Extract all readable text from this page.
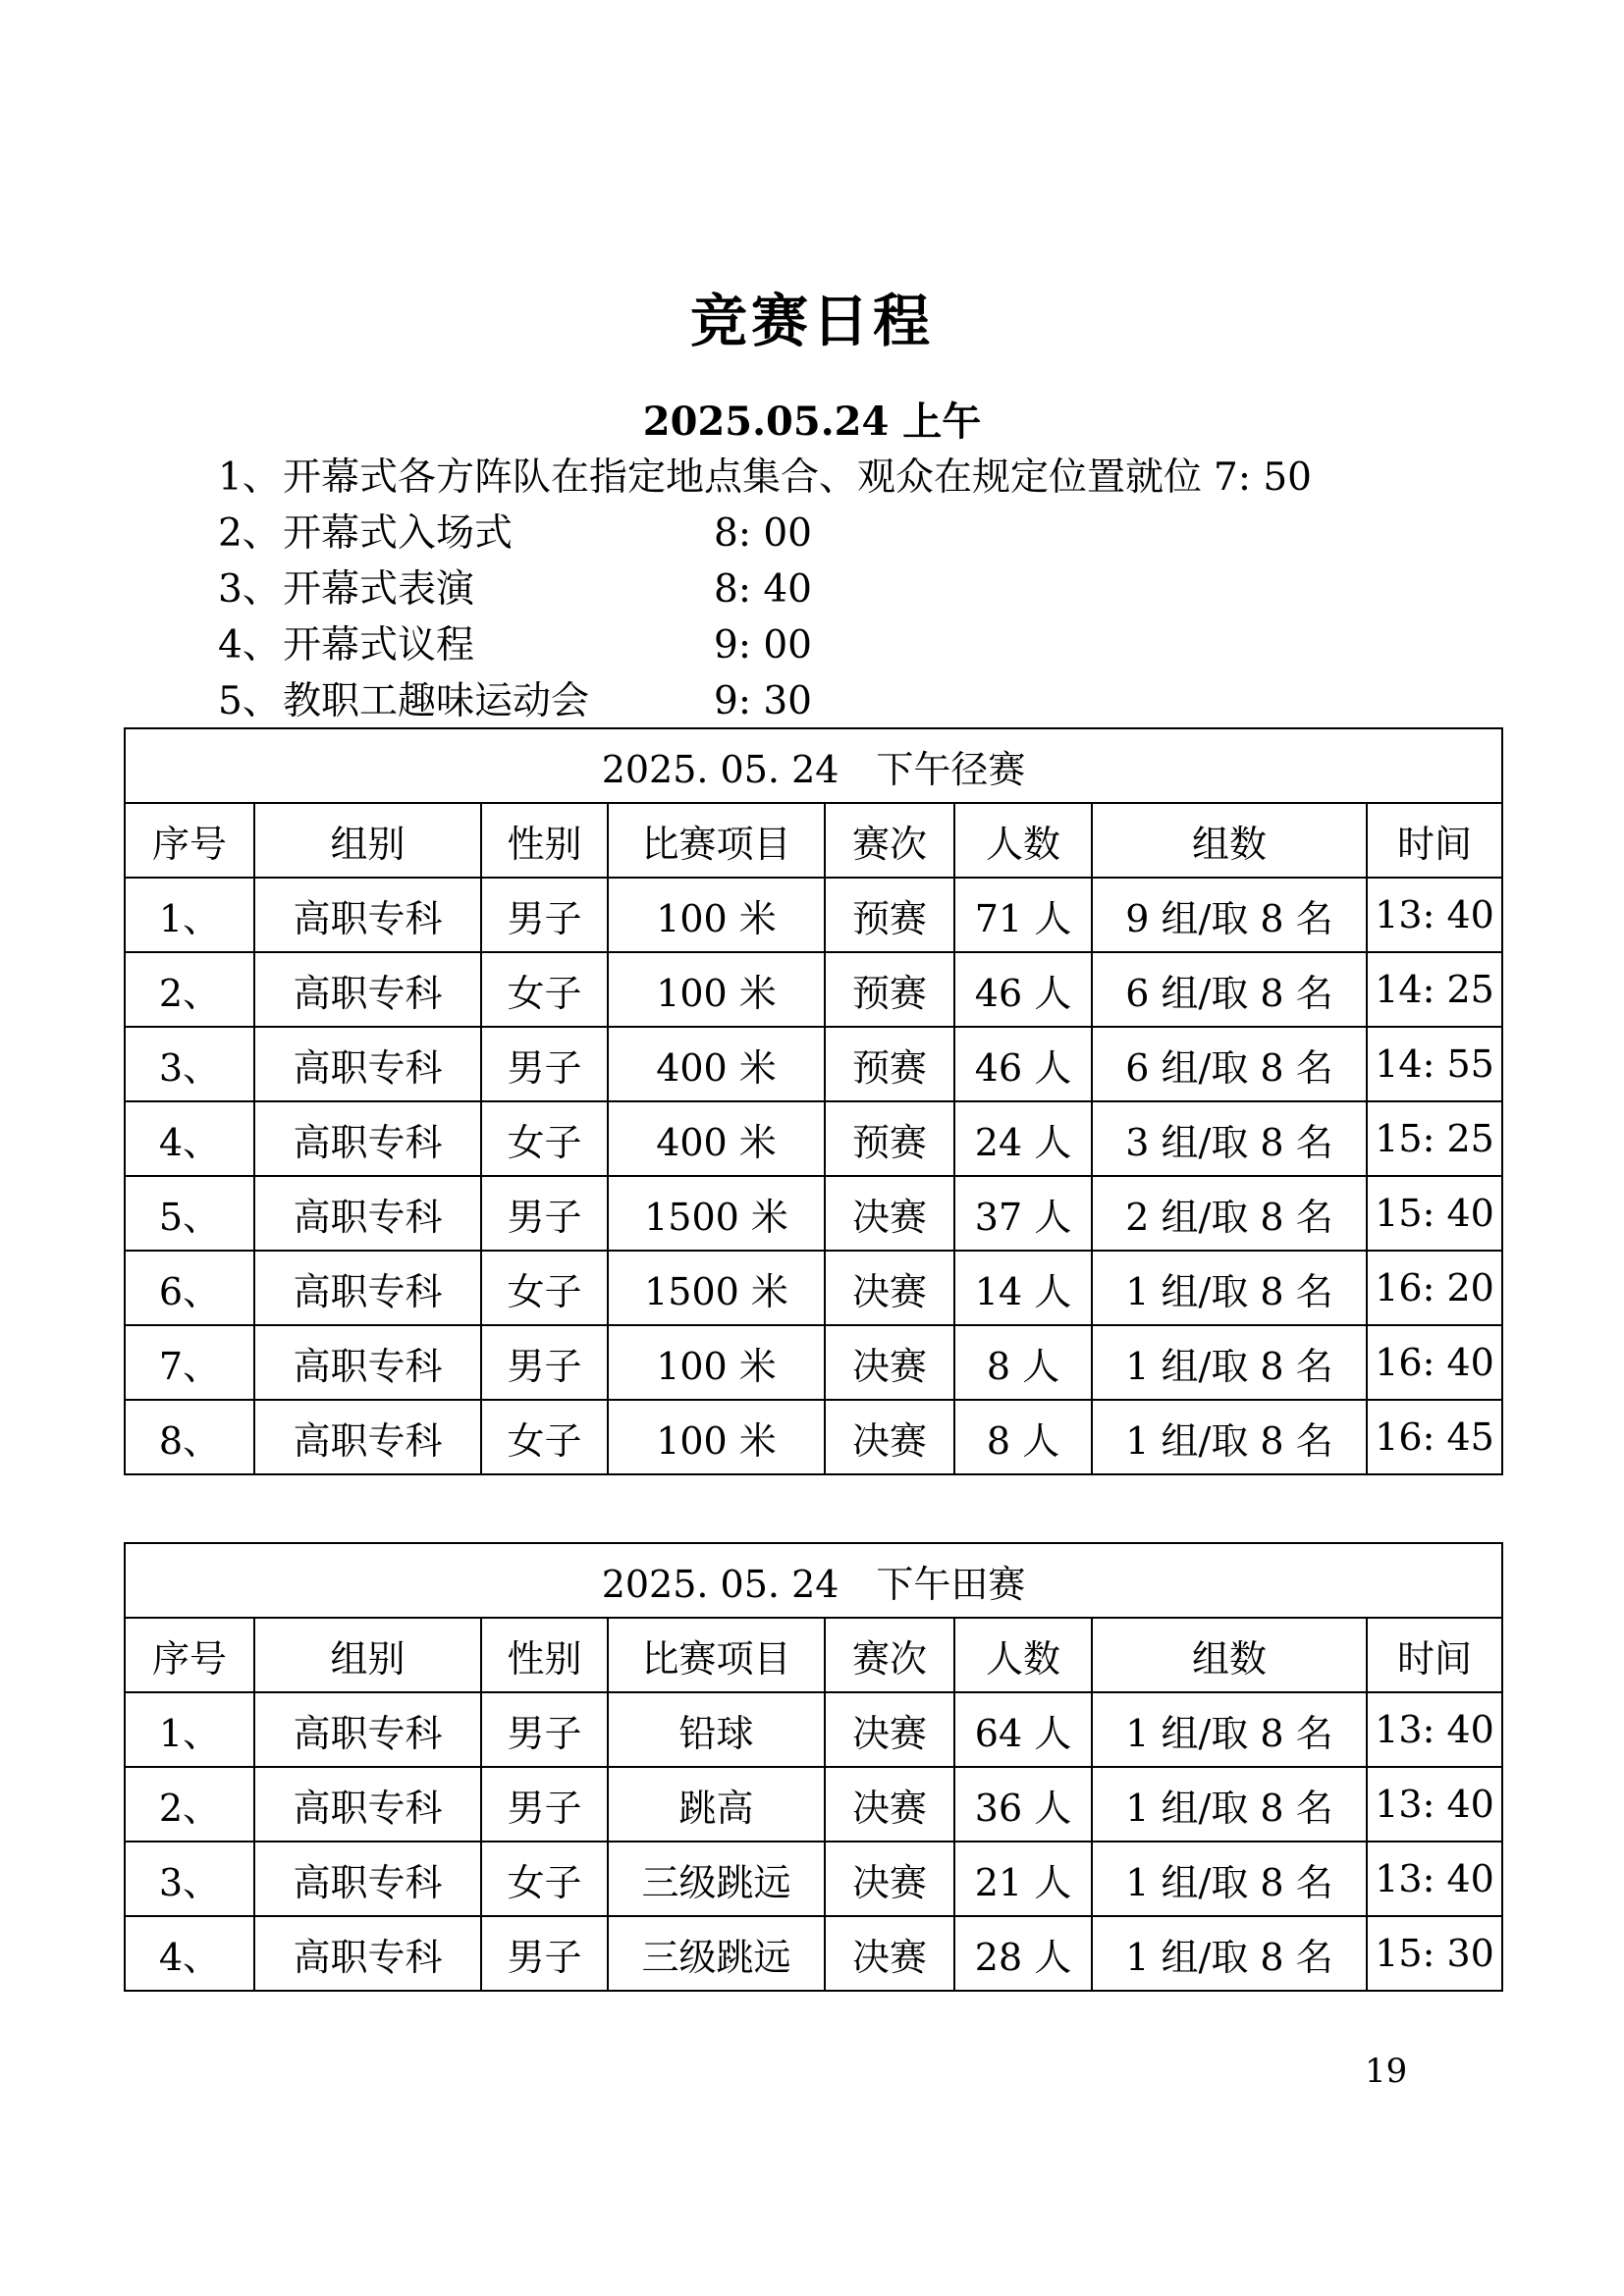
竞赛日程
2025.05.24 上午
1、开幕式各方阵队在指定地点集合、观众在规定位置就位 7: 50
2、开幕式入场式	8: 00
3、开幕式表演	8: 40
4、开幕式议程	9: 00
5、教职工趣味运动会	9: 30
2025. 05. 24　下午径赛							
序号	组别	性别	比赛项目	赛次	人数	组数	时间
1、	高职专科	男子	100 米	预赛	71 人	9 组/取 8 名	13: 40
2、	高职专科	女子	100 米	预赛	46 人	6 组/取 8 名	14: 25
3、	高职专科	男子	400 米	预赛	46 人	6 组/取 8 名	14: 55
4、	高职专科	女子	400 米	预赛	24 人	3 组/取 8 名	15: 25
5、	高职专科	男子	1500 米	决赛	37 人	2 组/取 8 名	15: 40
6、	高职专科	女子	1500 米	决赛	14 人	1 组/取 8 名	16: 20
7、	高职专科	男子	100 米	决赛	8 人	1 组/取 8 名	16: 40
8、	高职专科	女子	100 米	决赛	8 人	1 组/取 8 名	16: 45
2025. 05. 24　下午田赛							
序号	组别	性别	比赛项目	赛次	人数	组数	时间
1、	高职专科	男子	铅球	决赛	64 人	1 组/取 8 名	13: 40
2、	高职专科	男子	跳高	决赛	36 人	1 组/取 8 名	13: 40
3、	高职专科	女子	三级跳远	决赛	21 人	1 组/取 8 名	13: 40
4、	高职专科	男子	三级跳远	决赛	28 人	1 组/取 8 名	15: 30
19
